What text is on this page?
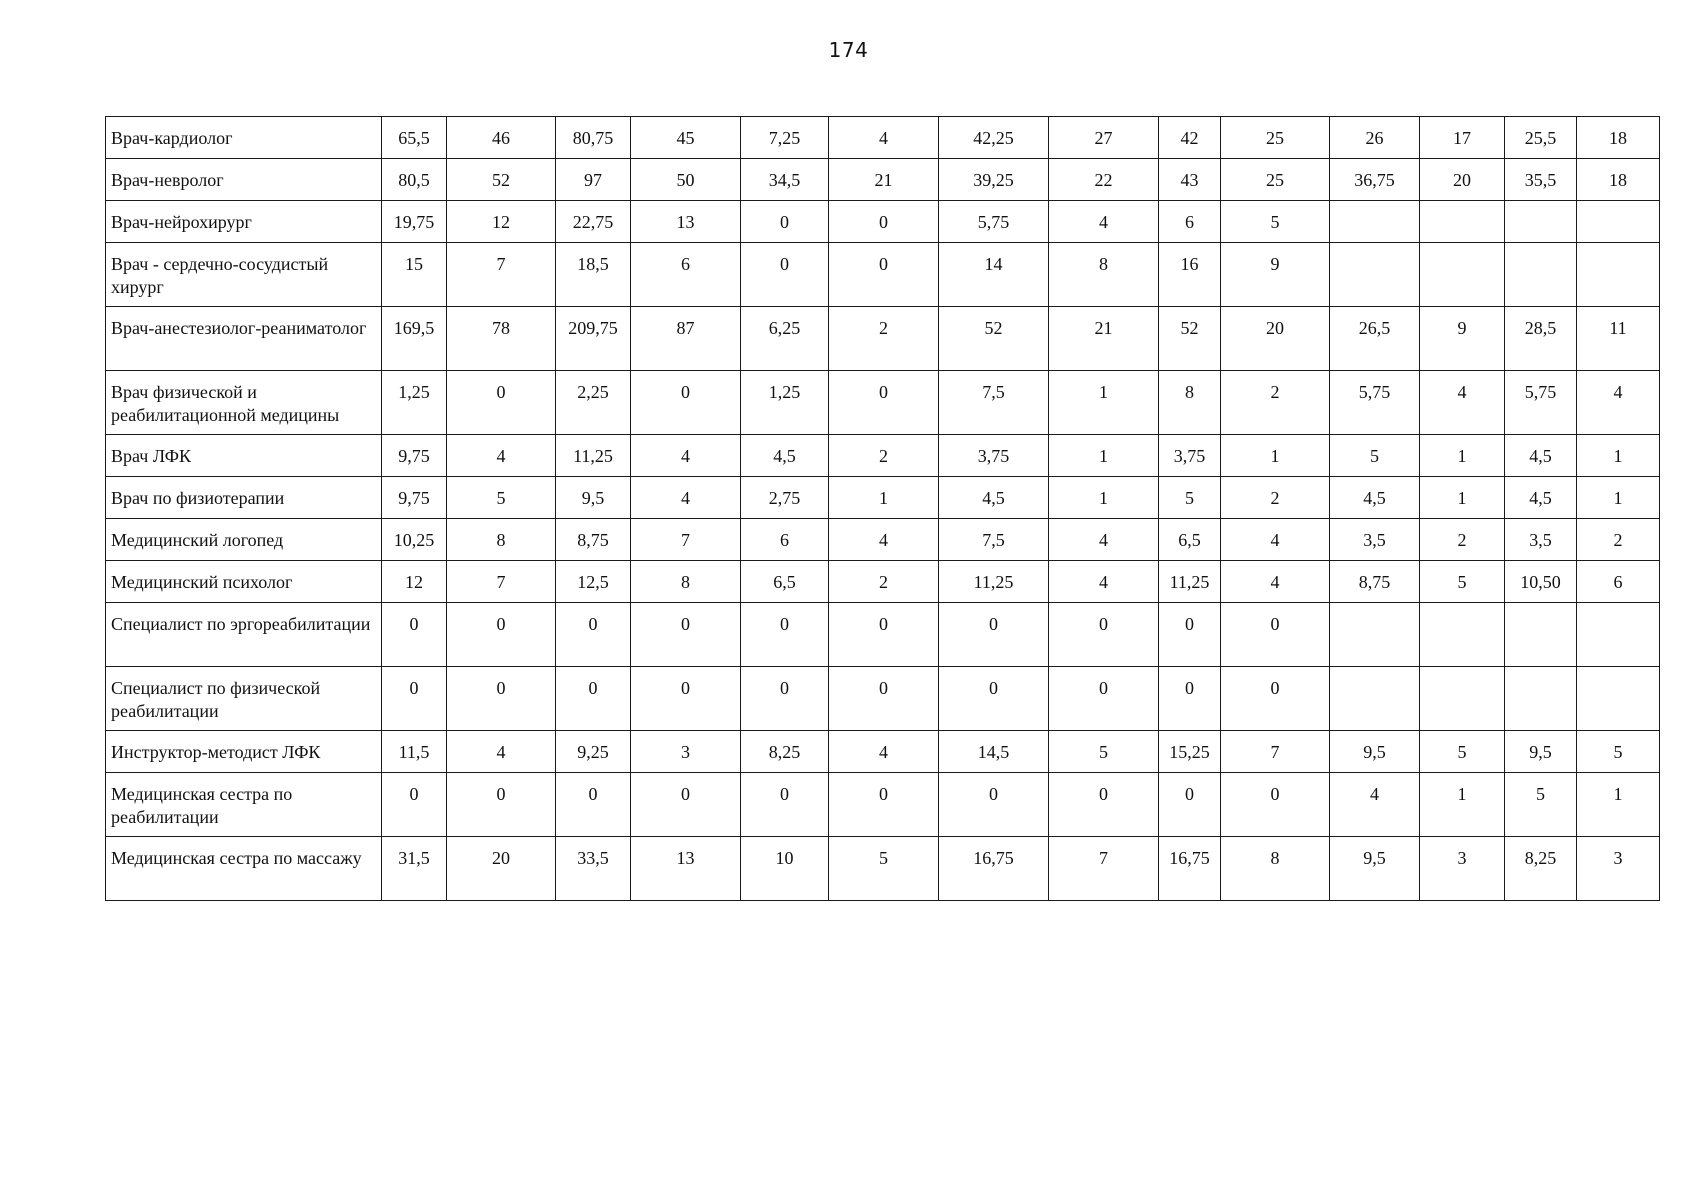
174
Врач-кардиолог	65,5	46	80,75	45	7,25	4	42,25	27	42	25	26	17	25,5	18
Врач-невролог	80,5	52	97	50	34,5	21	39,25	22	43	25	36,75	20	35,5	18
Врач-нейрохирург	19,75	12	22,75	13	0	0	5,75	4	6	5				
Врач - сердечно-сосудистый хирург	15	7	18,5	6	0	0	14	8	16	9				
Врач-анестезиолог-реаниматолог	169,5	78	209,75	87	6,25	2	52	21	52	20	26,5	9	28,5	11
Врач физической и реабилитационной медицины	1,25	0	2,25	0	1,25	0	7,5	1	8	2	5,75	4	5,75	4
Врач ЛФК	9,75	4	11,25	4	4,5	2	3,75	1	3,75	1	5	1	4,5	1
Врач по физиотерапии	9,75	5	9,5	4	2,75	1	4,5	1	5	2	4,5	1	4,5	1
Медицинский логопед	10,25	8	8,75	7	6	4	7,5	4	6,5	4	3,5	2	3,5	2
Медицинский психолог	12	7	12,5	8	6,5	2	11,25	4	11,25	4	8,75	5	10,50	6
Специалист по эргореабилитации	0	0	0	0	0	0	0	0	0	0				
Специалист по физической реабилитации	0	0	0	0	0	0	0	0	0	0				
Инструктор-методист ЛФК	11,5	4	9,25	3	8,25	4	14,5	5	15,25	7	9,5	5	9,5	5
Медицинская сестра по реабилитации	0	0	0	0	0	0	0	0	0	0	4	1	5	1
Медицинская сестра по массажу	31,5	20	33,5	13	10	5	16,75	7	16,75	8	9,5	3	8,25	3
